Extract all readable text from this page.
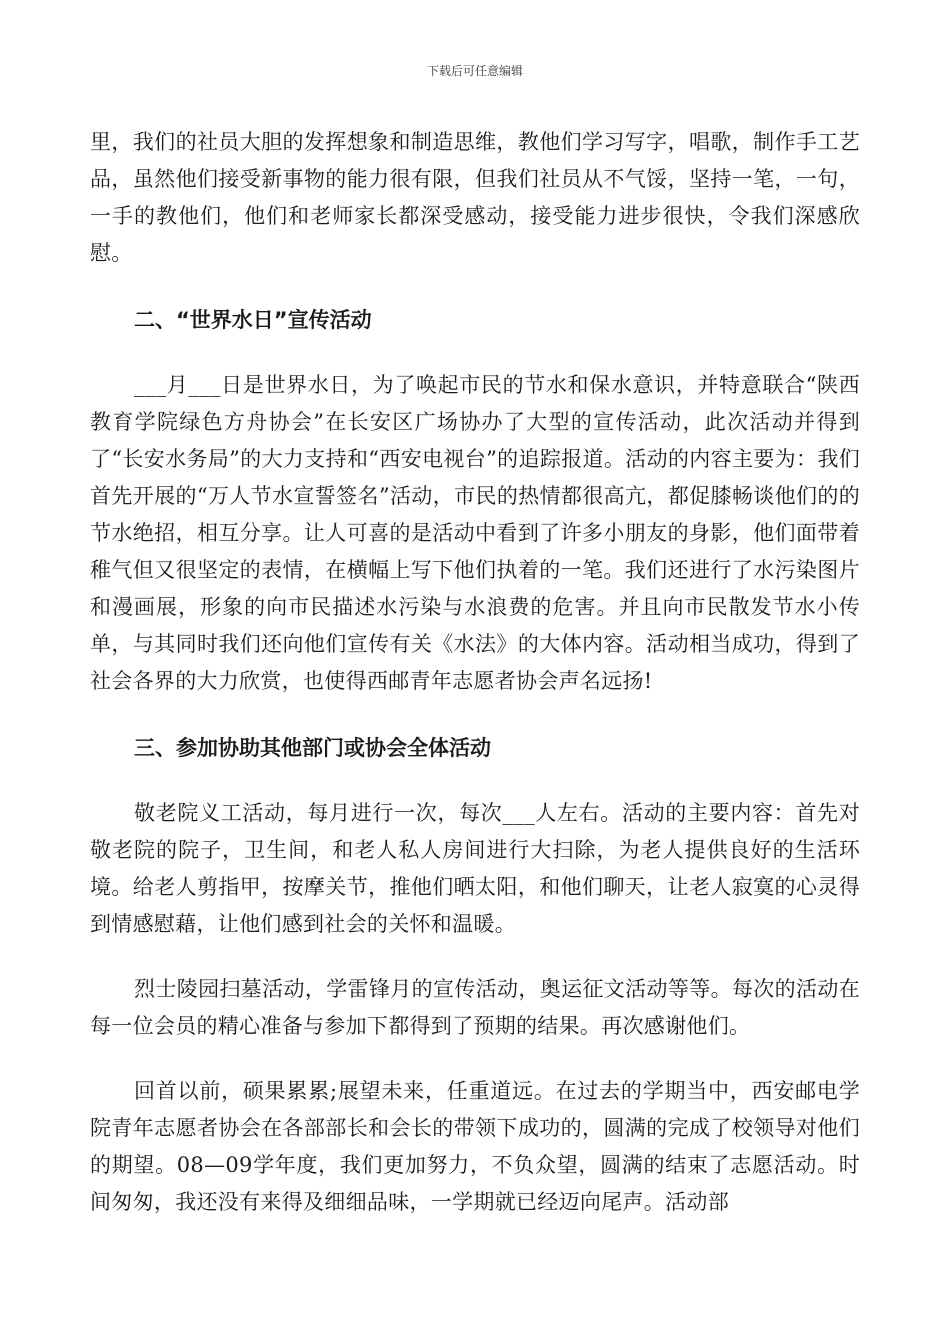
下载后可任意编辑

里，我们的社员大胆的发挥想象和制造思维，教他们学习写字，唱歌，制作手工艺品，虽然他们接受新事物的能力很有限，但我们社员从不气馁，坚持一笔，一句，一手的教他们，他们和老师家长都深受感动，接受能力进步很快，令我们深感欣慰。

二、“世界水日”宣传活动

___月___日是世界水日，为了唤起市民的节水和保水意识，并特意联合“陕西教育学院绿色方舟协会”在长安区广场协办了大型的宣传活动，此次活动并得到了“长安水务局”的大力支持和“西安电视台”的追踪报道。活动的内容主要为：我们首先开展的“万人节水宣誓签名”活动，市民的热情都很高亢，都促膝畅谈他们的的节水绝招，相互分享。让人可喜的是活动中看到了许多小朋友的身影，他们面带着稚气但又很坚定的表情，在横幅上写下他们执着的一笔。我们还进行了水污染图片和漫画展，形象的向市民描述水污染与水浪费的危害。并且向市民散发节水小传单，与其同时我们还向他们宣传有关《水法》的大体内容。活动相当成功，得到了社会各界的大力欣赏，也使得西邮青年志愿者协会声名远扬!

三、参加协助其他部门或协会全体活动

敬老院义工活动，每月进行一次，每次___人左右。活动的主要内容：首先对敬老院的院子，卫生间，和老人私人房间进行大扫除，为老人提供良好的生活环境。给老人剪指甲，按摩关节，推他们晒太阳，和他们聊天，让老人寂寞的心灵得到情感慰藉，让他们感到社会的关怀和温暖。

烈士陵园扫墓活动，学雷锋月的宣传活动，奥运征文活动等等。每次的活动在每一位会员的精心准备与参加下都得到了预期的结果。再次感谢他们。

回首以前，硕果累累;展望未来，任重道远。在过去的学期当中，西安邮电学院青年志愿者协会在各部部长和会长的带领下成功的，圆满的完成了校领导对他们的期望。08—09学年度，我们更加努力，不负众望，圆满的结束了志愿活动。时间匆匆，我还没有来得及细细品味，一学期就已经迈向尾声。活动部
